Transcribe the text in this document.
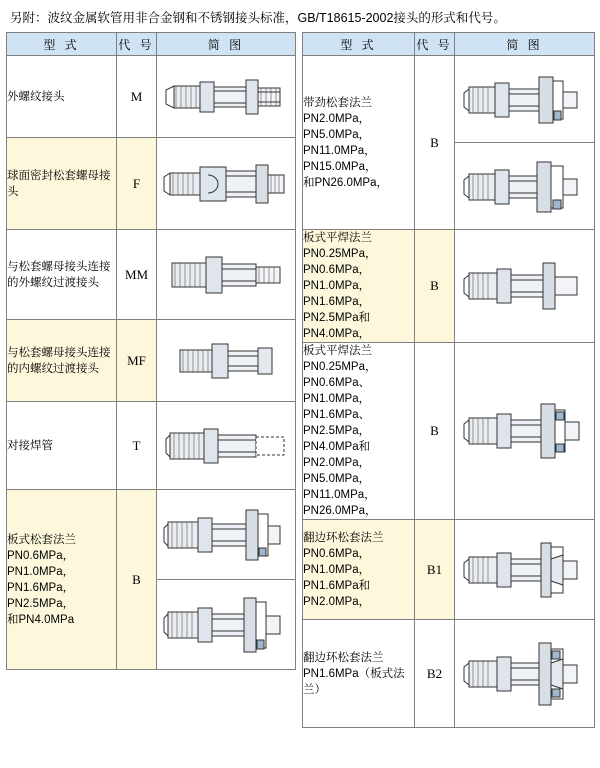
另附：波纹金属软管用非合金钢和不锈钢接头标准，GB/T18615-2002接头的形式和代号。
型 式	代 号	简 图

外螺纹接头	M	

球面密封松套螺母接头
	F	

与松套螺母接头连接的外螺纹过渡接头
	MM	

与松套螺母接头连接的内螺纹过渡接头
	MF	

对接焊管	T	

板式松套法兰
PN0.6MPa，PN1.0MPa，
PN1.6MPa，PN2.5MPa，
和PN4.0MPa
	B	

型 式	代 号	简 图

带劲松套法兰
PN2.0MPa，PN5.0MPa，
PN11.0MPa，PN15.0MPa，
和PN26.0MPa，
	B	

板式平焊法兰
PN0.25MPa，PN0.6MPa，
PN1.0MPa，PN1.6MPa，
PN2.5MPa和PN4.0MPa，
	B	

板式平焊法兰
PN0.25MPa，PN0.6MPa、
PN1.0MPa，PN1.6MPa、
PN2.5MPa，PN4.0MPa和
PN2.0MPa，PN5.0MPa，
PN11.0MPa，PN26.0MPa，
	B	

翻边环松套法兰
PN0.6MPa，PN1.0MPa，
PN1.6MPa和PN2.0MPa，
	B1	

翻边环松套法兰
PN1.6MPa（板式法兰）
	B2	
